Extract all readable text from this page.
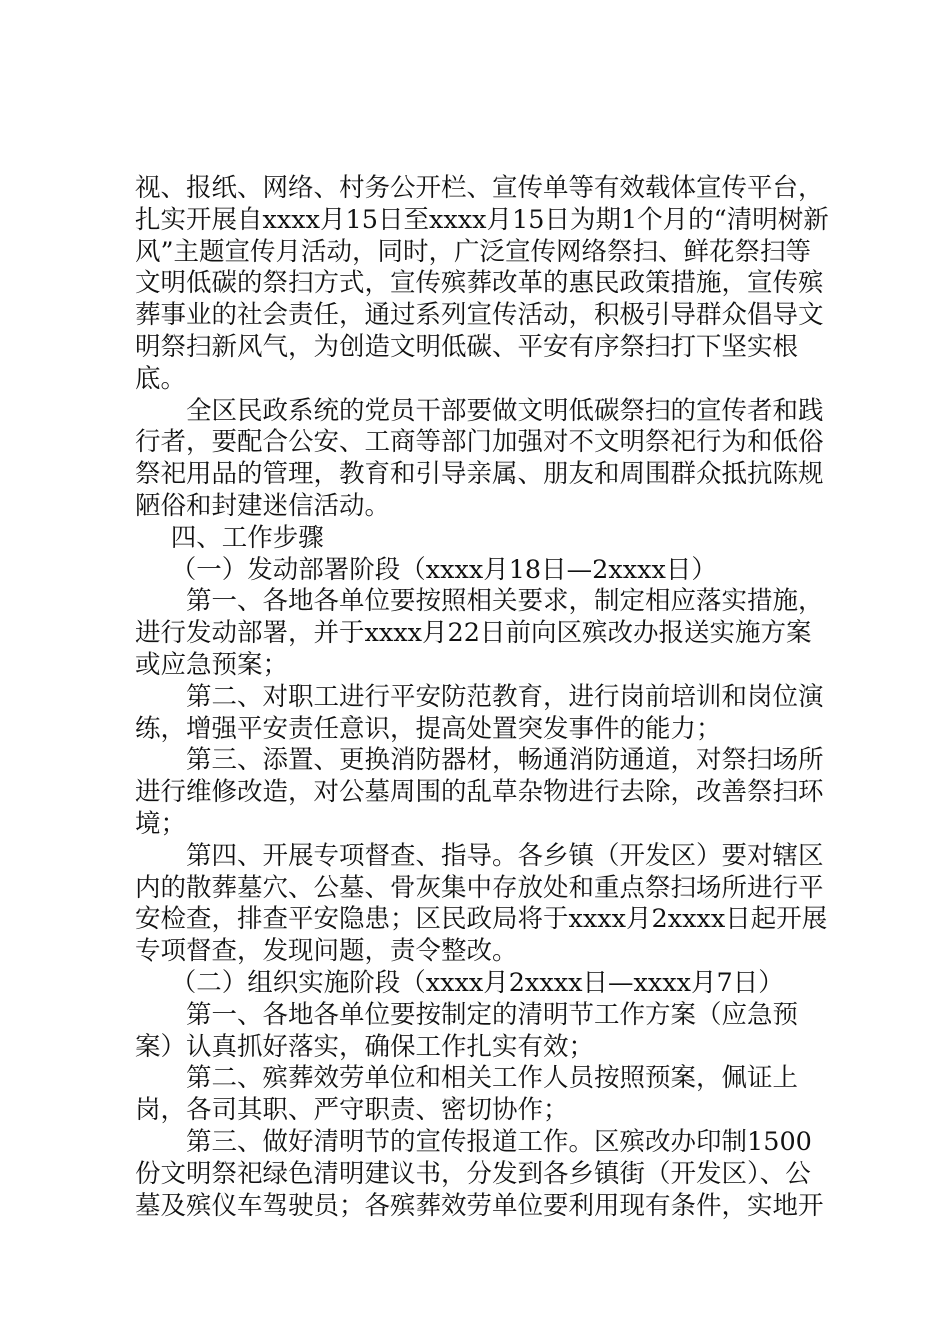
视、报纸、网络、村务公开栏、宣传单等有效载体宣传平台，扎实开展自xxxx月15日至xxxx月15日为期1个月的“清明树新风”主题宣传月活动，同时，广泛宣传网络祭扫、鲜花祭扫等文明低碳的祭扫方式，宣传殡葬改革的惠民政策措施，宣传殡葬事业的社会责任，通过系列宣传活动，积极引导群众倡导文明祭扫新风气，为创造文明低碳、平安有序祭扫打下坚实根底。

全区民政系统的党员干部要做文明低碳祭扫的宣传者和践行者，要配合公安、工商等部门加强对不文明祭祀行为和低俗祭祀用品的管理，教育和引导亲属、朋友和周围群众抵抗陈规陋俗和封建迷信活动。

四、工作步骤

（一）发动部署阶段（xxxx月18日—2xxxx日）

第一、各地各单位要按照相关要求，制定相应落实措施，进行发动部署，并于xxxx月22日前向区殡改办报送实施方案或应急预案；

第二、对职工进行平安防范教育，进行岗前培训和岗位演练，增强平安责任意识，提高处置突发事件的能力；

第三、添置、更换消防器材，畅通消防通道，对祭扫场所进行维修改造，对公墓周围的乱草杂物进行去除，改善祭扫环境；

第四、开展专项督查、指导。各乡镇（开发区）要对辖区内的散葬墓穴、公墓、骨灰集中存放处和重点祭扫场所进行平安检查，排查平安隐患；区民政局将于xxxx月2xxxx日起开展专项督查，发现问题，责令整改。

（二）组织实施阶段（xxxx月2xxxx日—xxxx月7日）

第一、各地各单位要按制定的清明节工作方案（应急预案）认真抓好落实，确保工作扎实有效；

第二、殡葬效劳单位和相关工作人员按照预案，佩证上岗，各司其职、严守职责、密切协作；

第三、做好清明节的宣传报道工作。区殡改办印制1500份文明祭祀绿色清明建议书，分发到各乡镇街（开发区）、公墓及殡仪车驾驶员；各殡葬效劳单位要利用现有条件，实地开
